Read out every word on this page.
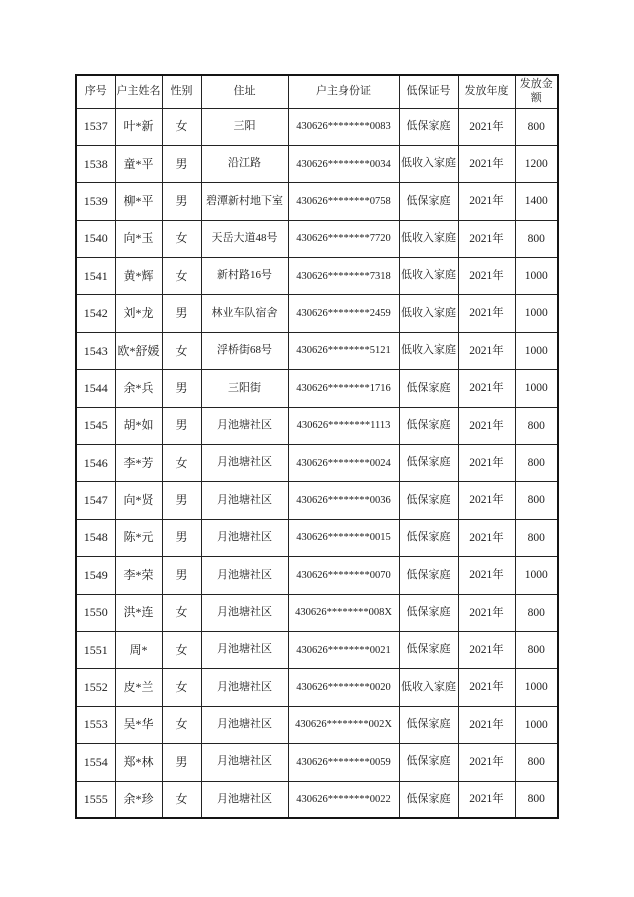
序号	户主姓名	性别	住址	户主身份证	低保证号	发放年度	发放金额
1537	叶*新	女	三阳	430626********0083	低保家庭	2021年	800
1538	童*平	男	沿江路	430626********0034	低收入家庭	2021年	1200
1539	柳*平	男	碧潭新村地下室	430626********0758	低保家庭	2021年	1400
1540	向*玉	女	天岳大道48号	430626********7720	低收入家庭	2021年	800
1541	黄*辉	女	新村路16号	430626********7318	低收入家庭	2021年	1000
1542	刘*龙	男	林业车队宿舍	430626********2459	低收入家庭	2021年	1000
1543	欧*舒媛	女	浮桥街68号	430626********5121	低收入家庭	2021年	1000
1544	余*兵	男	三阳街	430626********1716	低保家庭	2021年	1000
1545	胡*如	男	月池塘社区	430626********1113	低保家庭	2021年	800
1546	李*芳	女	月池塘社区	430626********0024	低保家庭	2021年	800
1547	向*贤	男	月池塘社区	430626********0036	低保家庭	2021年	800
1548	陈*元	男	月池塘社区	430626********0015	低保家庭	2021年	800
1549	李*荣	男	月池塘社区	430626********0070	低保家庭	2021年	1000
1550	洪*连	女	月池塘社区	430626********008X	低保家庭	2021年	800
1551	周*	女	月池塘社区	430626********0021	低保家庭	2021年	800
1552	皮*兰	女	月池塘社区	430626********0020	低收入家庭	2021年	1000
1553	吴*华	女	月池塘社区	430626********002X	低保家庭	2021年	1000
1554	郑*林	男	月池塘社区	430626********0059	低保家庭	2021年	800
1555	余*珍	女	月池塘社区	430626********0022	低保家庭	2021年	800
